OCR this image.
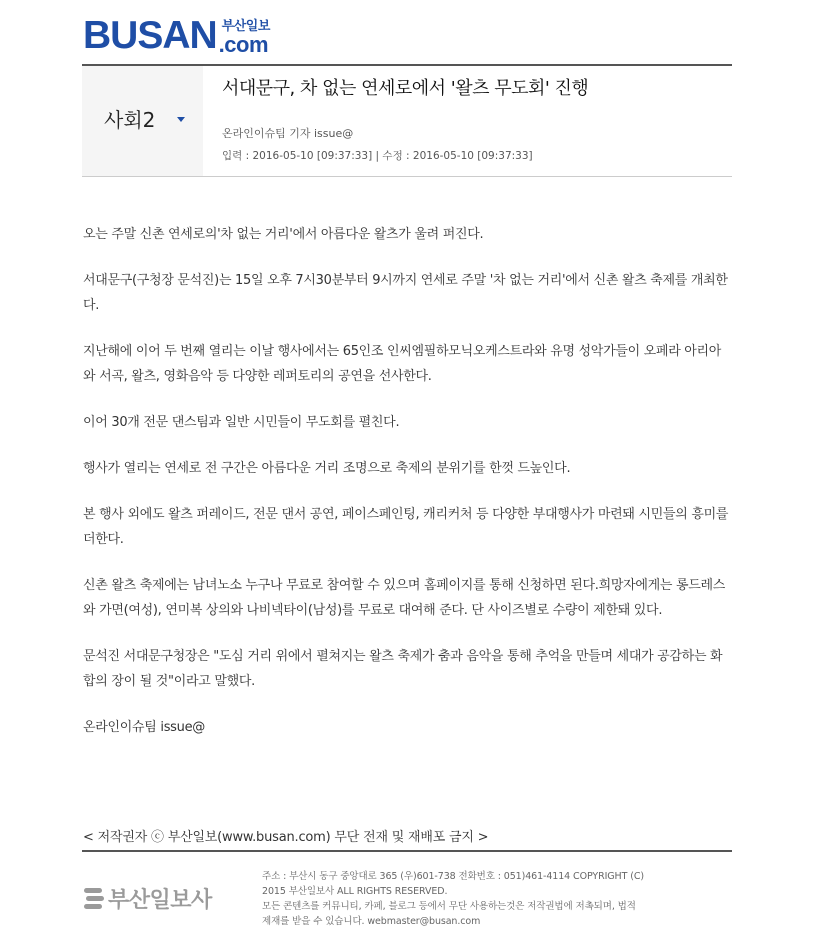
BUSAN 부산일보
.com
사회2
서대문구, 차 없는 연세로에서 '왈츠 무도회' 진행
온라인이슈팀 기자 issue@
입력 : 2016-05-10 [09:37:33] | 수정 : 2016-05-10 [09:37:33]

오는 주말 신촌 연세로의'차 없는 거리'에서 아름다운 왈츠가 울려 퍼진다.

서대문구(구청장 문석진)는 15일 오후 7시30분부터 9시까지 연세로 주말 '차 없는 거리'에서 신촌 왈츠 축제를 개최한다.

지난해에 이어 두 번째 열리는 이날 행사에서는 65인조 인씨엠필하모닉오케스트라와 유명 성악가들이 오페라 아리아와 서곡, 왈츠, 영화음악 등 다양한 레퍼토리의 공연을 선사한다.

이어 30개 전문 댄스팀과 일반 시민들이 무도회를 펼친다.

행사가 열리는 연세로 전 구간은 아름다운 거리 조명으로 축제의 분위기를 한껏 드높인다.

본 행사 외에도 왈츠 퍼레이드, 전문 댄서 공연, 페이스페인팅, 캐리커처 등 다양한 부대행사가 마련돼 시민들의 흥미를 더한다.

신촌 왈츠 축제에는 남녀노소 누구나 무료로 참여할 수 있으며 홈페이지를 통해 신청하면 된다.희망자에게는 롱드레스와 가면(여성), 연미복 상의와 나비넥타이(남성)를 무료로 대여해 준다. 단 사이즈별로 수량이 제한돼 있다.

문석진 서대문구청장은 "도심 거리 위에서 펼쳐지는 왈츠 축제가 춤과 음악을 통해 추억을 만들며 세대가 공감하는 화합의 장이 될 것"이라고 말했다.

온라인이슈팀 issue@

< 저작권자 ⓒ 부산일보(www.busan.com) 무단 전재 및 재배포 금지 >
부산일보사
주소 : 부산시 동구 중앙대로 365 (우)601-738 전화번호 : 051)461-4114 COPYRIGHT (C)
2015 부산일보사 ALL RIGHTS RESERVED.
모든 콘텐츠를 커뮤니티, 카페, 블로그 등에서 무단 사용하는것은 저작권법에 저촉되며, 법적
제재를 받을 수 있습니다. webmaster@busan.com
